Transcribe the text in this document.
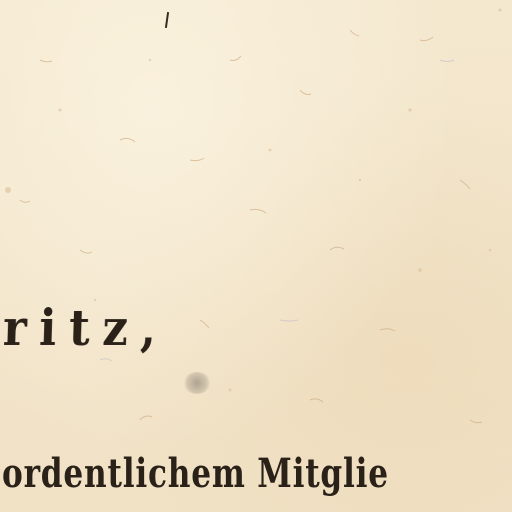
ritz,
ordentlichem Mitglie
